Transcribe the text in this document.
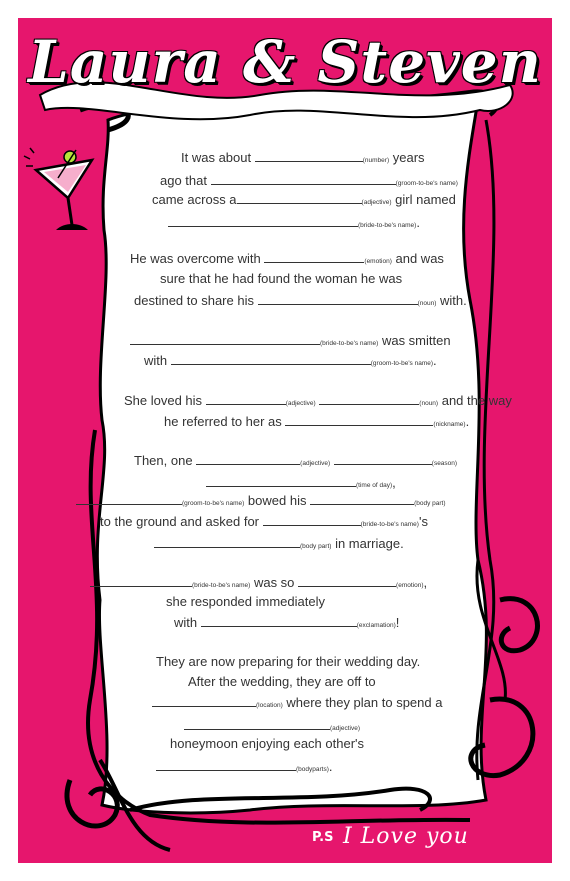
Laura & Steven
It was about	(number) years
ago that	(groom-to-be's name)
came across a	(adjective) girl named
(bride-to-be's name).
He was overcome with	(emotion) and was
sure that he had found the woman he was
destined to share his	(noun) with.
(bride-to-be's name) was smitten
with	(groom-to-be's name).
She loved his	(adjective)	(noun) and the way
he referred to her as	(nickname).
Then, one	(adjective)	(season)
(time of day),
(groom-to-be's name) bowed his	(body part)
to the ground and asked for	(bride-to-be's name)'s
(body part) in marriage.
(bride-to-be's name) was so	(emotion),
she responded immediately
with	(exclamation)!
They are now preparing for their wedding day.
After the wedding, they are off to
(location) where they plan to spend a
(adjective)
honeymoon enjoying each other's
(bodyparts).
P.S I Love you
